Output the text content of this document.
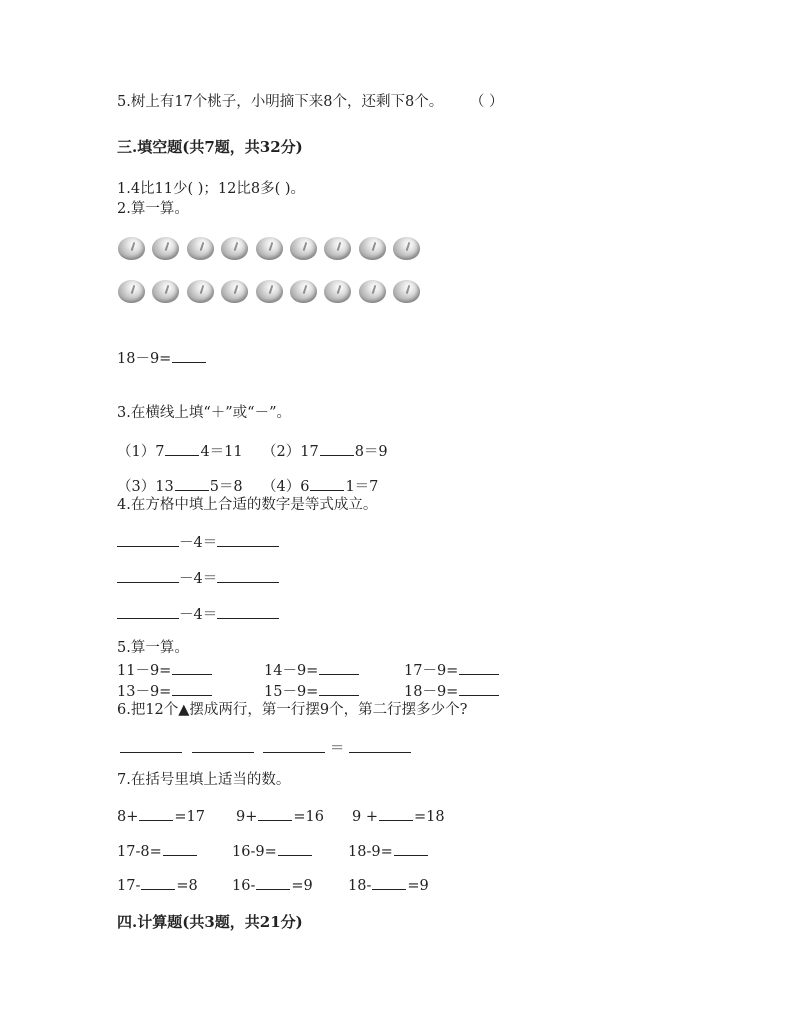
5.树上有17个桃子，小明摘下来8个，还剩下8个。 （ ）
三.填空题(共7题，共32分)
1.4比11少( )；12比8多( )。
2.算一算。
18－9=
3.在横线上填“＋”或“－”。
（1）7 4＝11 （2）17 8＝9
（3）13 5＝8 （4）6 1＝7
4.在方格中填上合适的数字是等式成立。
－4＝
－4＝
－4＝
5.算一算。
11－9=	14－9=	17－9=
13－9=	15－9=	18－9=
6.把12个▲摆成两行，第一行摆9个，第二行摆多少个?
＝
7.在括号里填上适当的数。
8+ =17 9+ =16 9 + =18
17-8=	16-9=	18-9=
17- =8 16- =9 18- =9
四.计算题(共3题，共21分)
